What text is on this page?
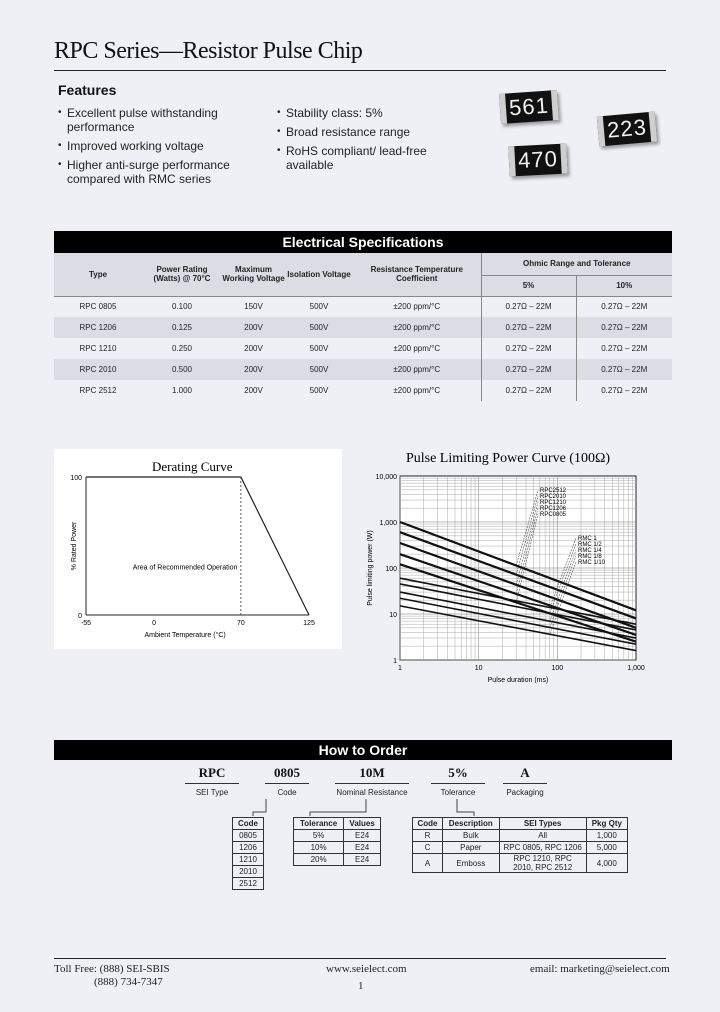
RPC Series—Resistor Pulse Chip
Features
• Excellent pulse withstanding performance
• Improved working voltage
• Higher anti-surge performance compared with RMC series
• Stability class: 5%
• Broad resistance range
• RoHS compliant/ lead-free available
561
223
470
Electrical Specifications
Type	Power Rating (Watts) @ 70°C	Maximum Working Voltage	Isolation Voltage	Resistance Temperature Coefficient	Ohmic Range and Tolerance	
					5%	10%
RPC 0805	0.100	150V	500V	±200 ppm/°C	0.27Ω – 22M	0.27Ω – 22M
RPC 1206	0.125	200V	500V	±200 ppm/°C	0.27Ω – 22M	0.27Ω – 22M
RPC 1210	0.250	200V	500V	±200 ppm/°C	0.27Ω – 22M	0.27Ω – 22M
RPC 2010	0.500	200V	500V	±200 ppm/°C	0.27Ω – 22M	0.27Ω – 22M
RPC 2512	1.000	200V	500V	±200 ppm/°C	0.27Ω – 22M	0.27Ω – 22M
Derating Curve
-55	0	70	125
100
0
Ambient Temperature (°C)
% Rated Power	Area of Recommended Operation
Pulse Limiting Power Curve (100Ω)
RPC2512
RPC2010
RPC1210
RPC1206
RPC0805
RMC 1
RMC 1/2
RMC 1/4
RMC 1/8
RMC 1/10
1	10	100	1,000
10,000
1,000
100
10
1
Pulse duration (ms)
Pulse limiting power (W)
How to Order
RPC
SEI Type
0805
Code
10M
Nominal Resistance
5%
Tolerance
A
Packaging
Code
0805
1206
1210
2010
2512
Tolerance	Values
5%	E24
10%	E24
20%	E24
Code	Description	SEI Types	Pkg Qty
R	Bulk	All	1,000
C	Paper	RPC 0805, RPC 1206	5,000
A	Emboss	RPC 1210, RPC 2010, RPC 2512	4,000
Toll Free: (888) SEI-SBIS
(888) 734-7347
www.seielect.com	email: marketing@seielect.com
1
